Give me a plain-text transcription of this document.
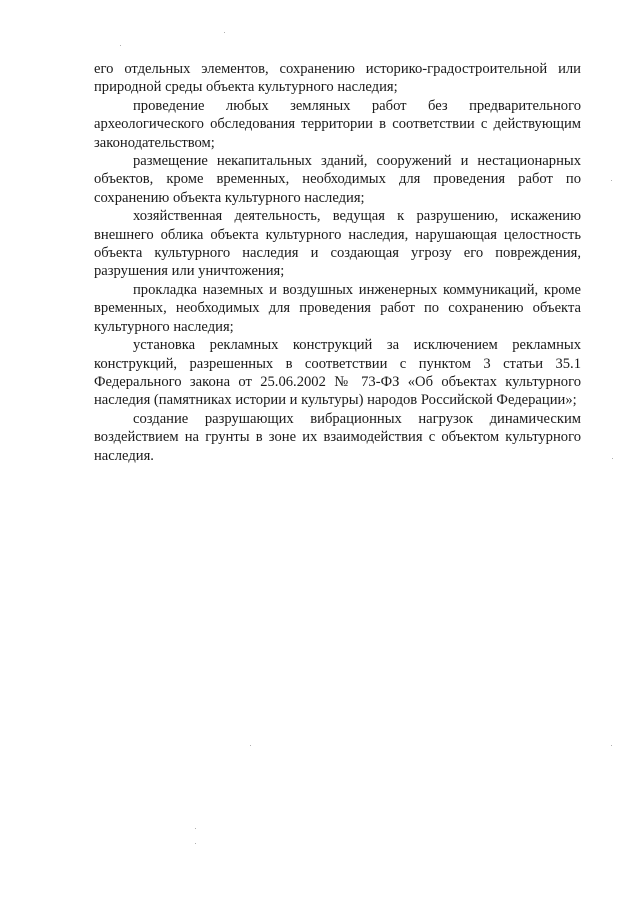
его отдельных элементов, сохранению историко-градостроительной или природной среды объекта культурного наследия;

проведение любых земляных работ без предварительного археологического обследования территории в соответствии с действующим законодательством;

размещение некапитальных зданий, сооружений и нестационарных объектов, кроме временных, необходимых для проведения работ по сохранению объекта культурного наследия;

хозяйственная деятельность, ведущая к разрушению, искажению внешнего облика объекта культурного наследия, нарушающая целостность объекта культурного наследия и создающая угрозу его повреждения, разрушения или уничтожения;

прокладка наземных и воздушных инженерных коммуникаций, кроме временных, необходимых для проведения работ по сохранению объекта культурного наследия;

установка рекламных конструкций за исключением рекламных конструкций, разрешенных в соответствии с пунктом 3 статьи 35.1 Федерального закона от 25.06.2002 № 73-ФЗ «Об объектах культурного наследия (памятниках истории и культуры) народов Российской Федерации»;

создание разрушающих вибрационных нагрузок динамическим воздействием на грунты в зоне их взаимодействия с объектом культурного наследия.
